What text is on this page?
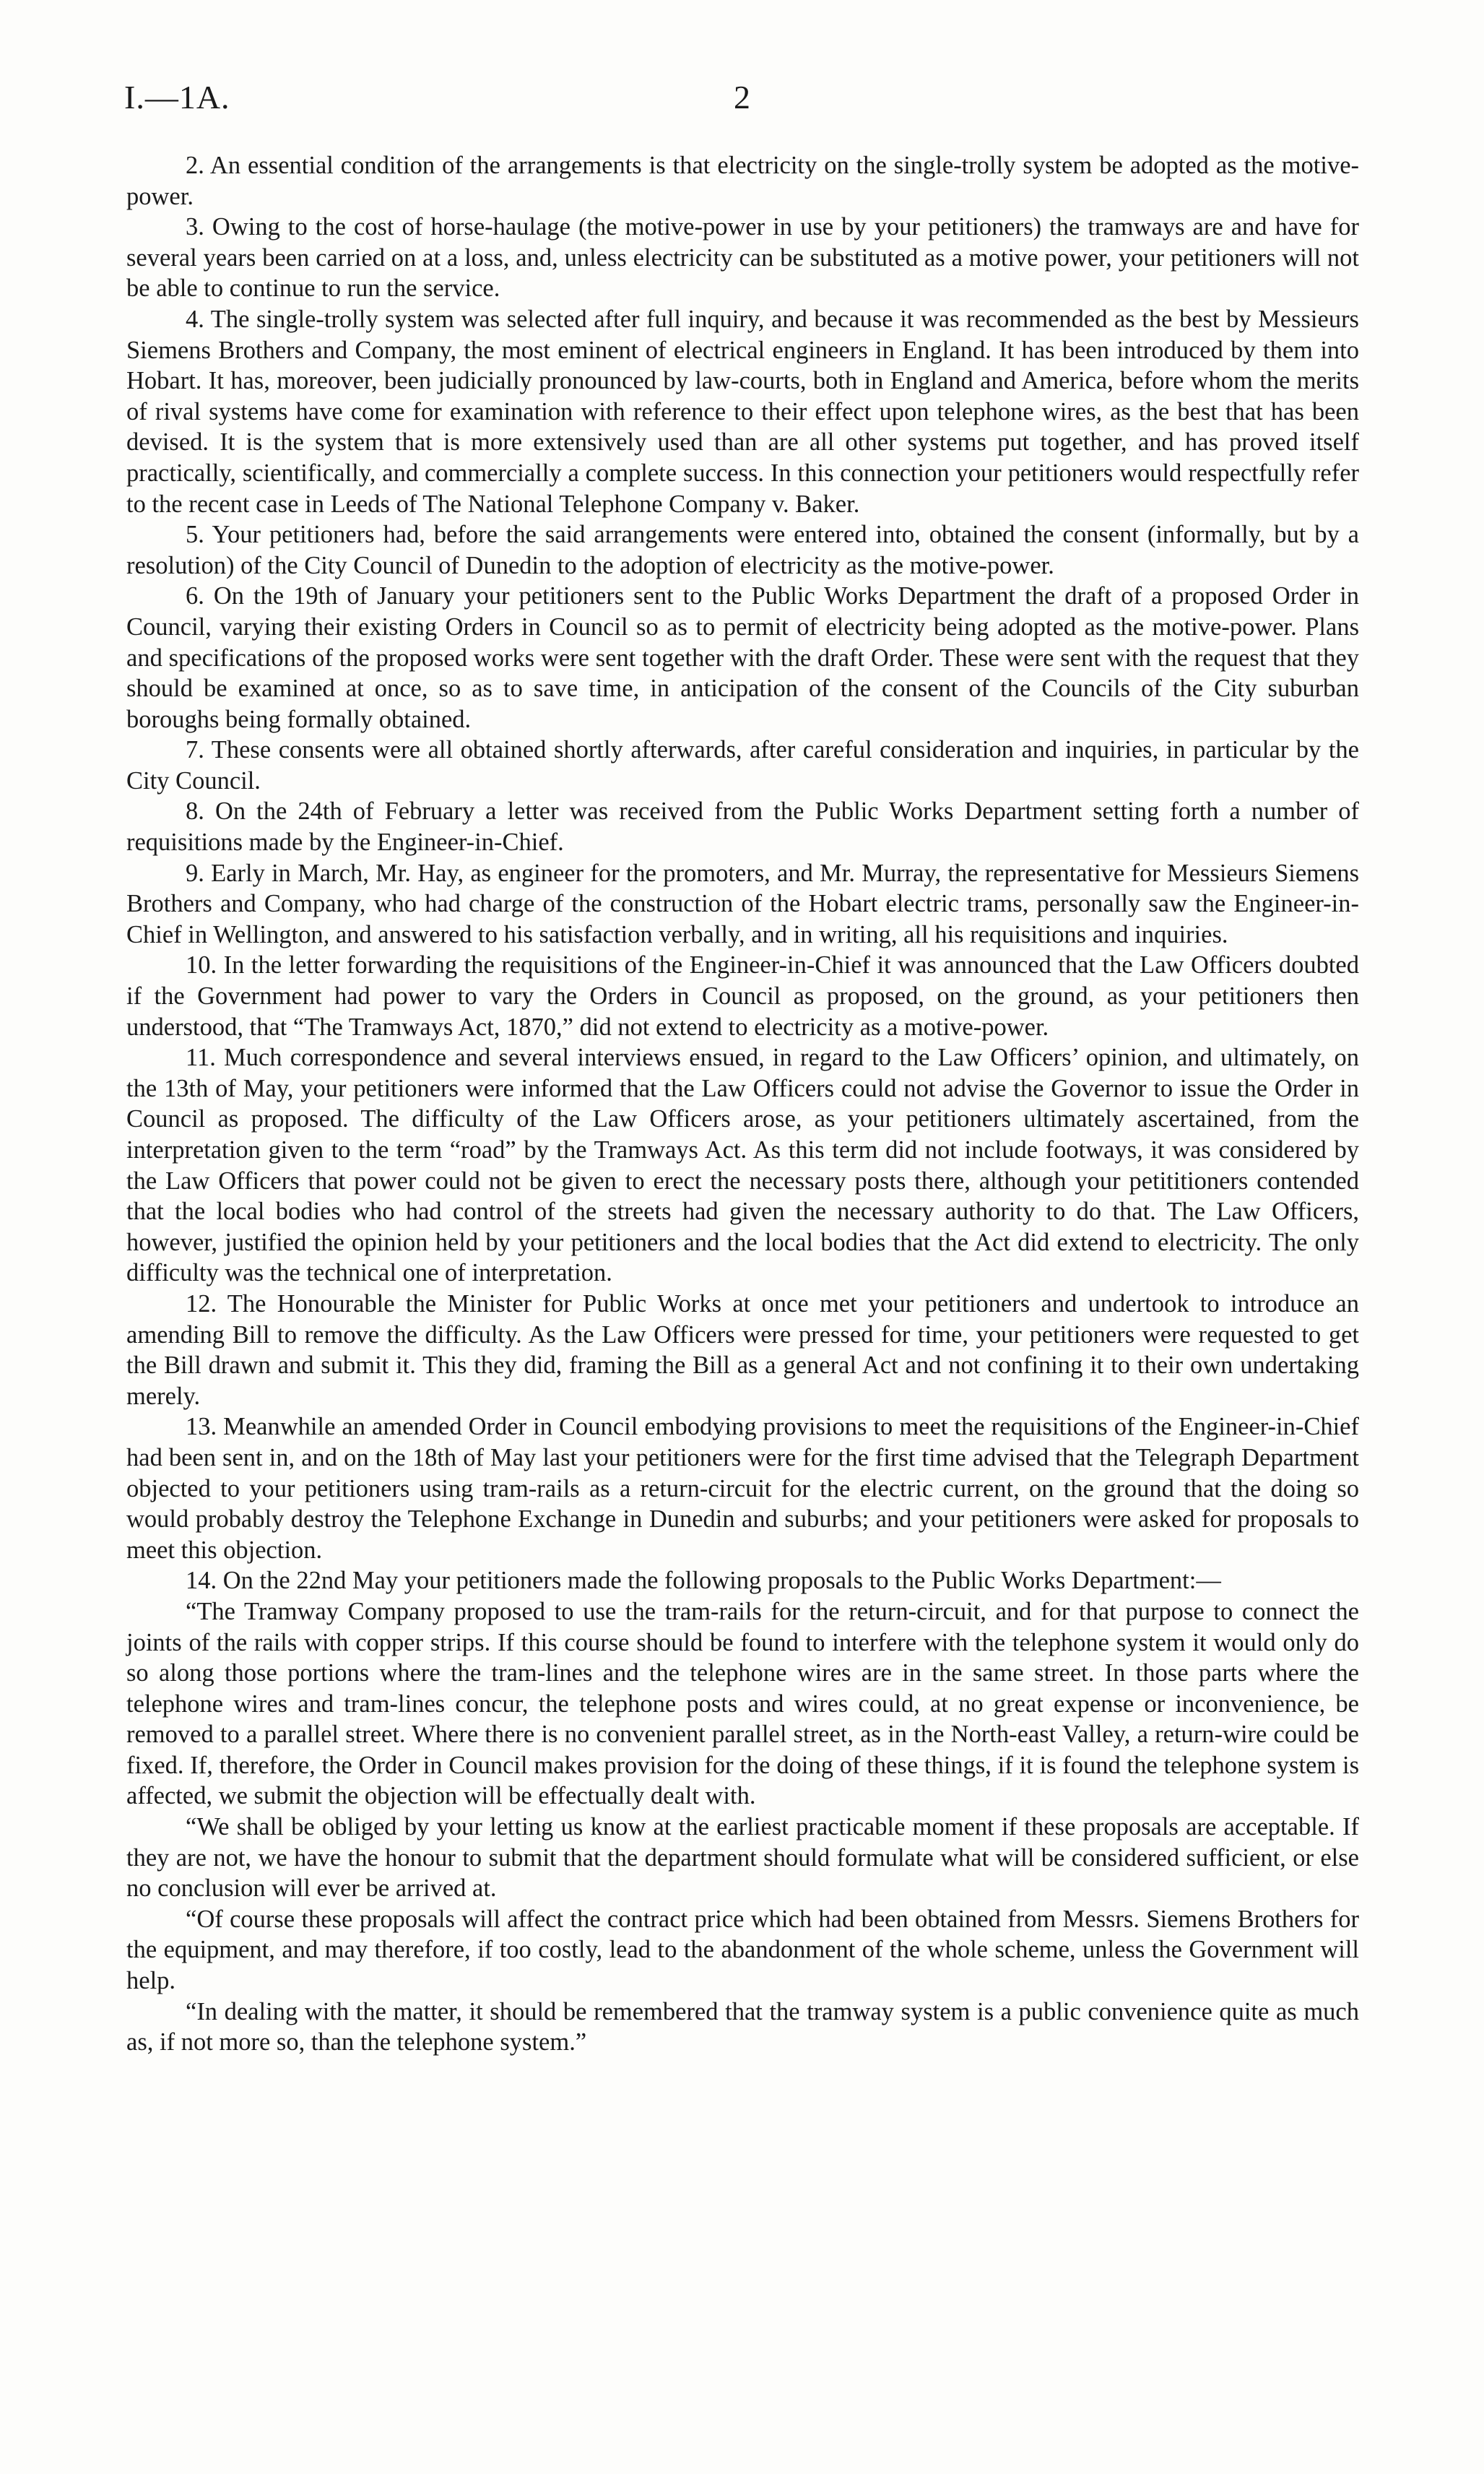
I.—1A.	2

2. An essential condition of the arrangements is that electricity on the single-trolly system be adopted as the motive-power.

3. Owing to the cost of horse-haulage (the motive-power in use by your petitioners) the tramways are and have for several years been carried on at a loss, and, unless electricity can be substituted as a motive power, your petitioners will not be able to continue to run the service.

4. The single-trolly system was selected after full inquiry, and because it was recommended as the best by Messieurs Siemens Brothers and Company, the most eminent of electrical engineers in England. It has been introduced by them into Hobart. It has, moreover, been judicially pronounced by law-courts, both in England and America, before whom the merits of rival systems have come for examination with reference to their effect upon telephone wires, as the best that has been devised. It is the system that is more extensively used than are all other systems put together, and has proved itself practically, scientifically, and commercially a complete success. In this connection your petitioners would respectfully refer to the recent case in Leeds of The National Telephone Company v. Baker.

5. Your petitioners had, before the said arrangements were entered into, obtained the consent (informally, but by a resolution) of the City Council of Dunedin to the adoption of electricity as the motive-power.

6. On the 19th of January your petitioners sent to the Public Works Department the draft of a proposed Order in Council, varying their existing Orders in Council so as to permit of electricity being adopted as the motive-power. Plans and specifications of the proposed works were sent together with the draft Order. These were sent with the request that they should be examined at once, so as to save time, in anticipation of the consent of the Councils of the City suburban boroughs being formally obtained.

7. These consents were all obtained shortly afterwards, after careful consideration and inquiries, in particular by the City Council.

8. On the 24th of February a letter was received from the Public Works Department setting forth a number of requisitions made by the Engineer-in-Chief.

9. Early in March, Mr. Hay, as engineer for the promoters, and Mr. Murray, the representative for Messieurs Siemens Brothers and Company, who had charge of the construction of the Hobart electric trams, personally saw the Engineer-in-Chief in Wellington, and answered to his satisfaction verbally, and in writing, all his requisitions and inquiries.

10. In the letter forwarding the requisitions of the Engineer-in-Chief it was announced that the Law Officers doubted if the Government had power to vary the Orders in Council as proposed, on the ground, as your petitioners then understood, that “The Tramways Act, 1870,” did not extend to electricity as a motive-power.

11. Much correspondence and several interviews ensued, in regard to the Law Officers’ opinion, and ultimately, on the 13th of May, your petitioners were informed that the Law Officers could not advise the Governor to issue the Order in Council as proposed. The difficulty of the Law Officers arose, as your petitioners ultimately ascertained, from the interpretation given to the term “road” by the Tramways Act. As this term did not include footways, it was considered by the Law Officers that power could not be given to erect the necessary posts there, although your petititioners contended that the local bodies who had control of the streets had given the necessary authority to do that. The Law Officers, however, justified the opinion held by your petitioners and the local bodies that the Act did extend to electricity. The only difficulty was the technical one of interpretation.

12. The Honourable the Minister for Public Works at once met your petitioners and undertook to introduce an amending Bill to remove the difficulty. As the Law Officers were pressed for time, your petitioners were requested to get the Bill drawn and submit it. This they did, framing the Bill as a general Act and not confining it to their own undertaking merely.

13. Meanwhile an amended Order in Council embodying provisions to meet the requisitions of the Engineer-in-Chief had been sent in, and on the 18th of May last your petitioners were for the first time advised that the Telegraph Department objected to your petitioners using tram-rails as a return-circuit for the electric current, on the ground that the doing so would probably destroy the Telephone Exchange in Dunedin and suburbs; and your petitioners were asked for proposals to meet this objection.

14. On the 22nd May your petitioners made the following proposals to the Public Works Department:—

“The Tramway Company proposed to use the tram-rails for the return-circuit, and for that purpose to connect the joints of the rails with copper strips. If this course should be found to interfere with the telephone system it would only do so along those portions where the tram-lines and the telephone wires are in the same street. In those parts where the telephone wires and tram-lines concur, the telephone posts and wires could, at no great expense or inconvenience, be removed to a parallel street. Where there is no convenient parallel street, as in the North-east Valley, a return-wire could be fixed. If, therefore, the Order in Council makes provision for the doing of these things, if it is found the telephone system is affected, we submit the objection will be effectually dealt with.

“We shall be obliged by your letting us know at the earliest practicable moment if these proposals are acceptable. If they are not, we have the honour to submit that the department should formulate what will be considered sufficient, or else no conclusion will ever be arrived at.

“Of course these proposals will affect the contract price which had been obtained from Messrs. Siemens Brothers for the equipment, and may therefore, if too costly, lead to the abandonment of the whole scheme, unless the Government will help.

“In dealing with the matter, it should be remembered that the tramway system is a public convenience quite as much as, if not more so, than the telephone system.”
